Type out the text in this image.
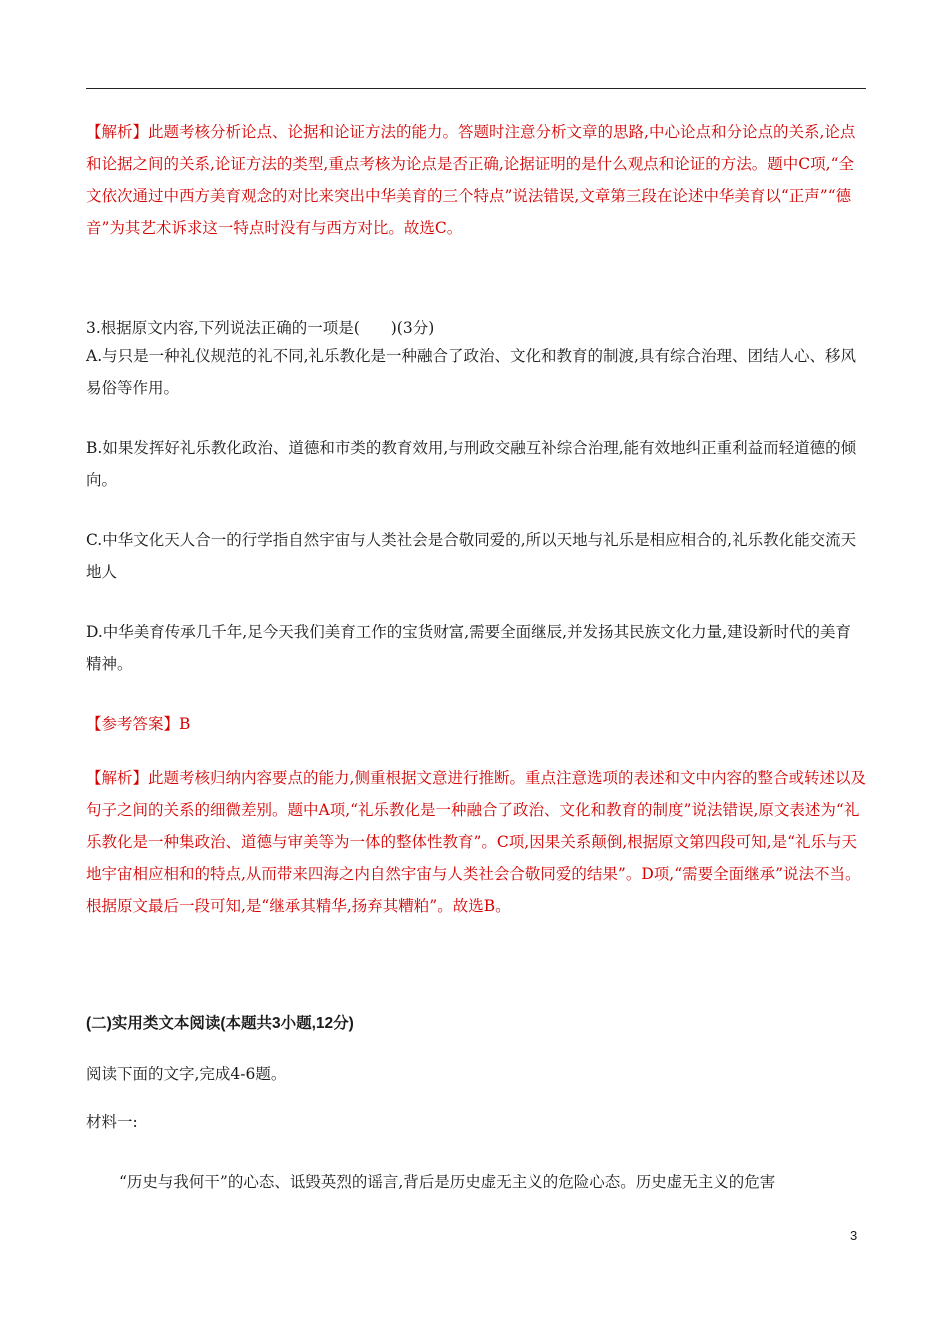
【解析】此题考核分析论点、论据和论证方法的能力。答题时注意分析文章的思路,中心论点和分论点的关系,论点和论据之间的关系,论证方法的类型,重点考核为论点是否正确,论据证明的是什么观点和论证的方法。题中C项,“全文依次通过中西方美育观念的对比来突出中华美育的三个特点”说法错误,文章第三段在论述中华美育以“正声”“德音”为其艺术诉求这一特点时没有与西方对比。故选C。
3.根据原文内容,下列说法正确的一项是(　　)(3分)
A.与只是一种礼仪规范的礼不同,礼乐教化是一种融合了政治、文化和教育的制渡,具有综合治理、团结人心、移风易俗等作用。
B.如果发挥好礼乐教化政治、道德和市类的教育效用,与刑政交融互补综合治理,能有效地纠正重利益而轻道德的倾向。
C.中华文化天人合一的行学指自然宇宙与人类社会是合敬同爱的,所以天地与礼乐是相应相合的,礼乐教化能交流天地人
D.中华美育传承几千年,足今天我们美育工作的宝货财富,需要全面继辰,并发扬其民族文化力量,建设新时代的美育精神。
【参考答案】B
【解析】此题考核归纳内容要点的能力,侧重根据文意进行推断。重点注意选项的表述和文中内容的整合或转述以及句子之间的关系的细微差别。题中A项,“礼乐教化是一种融合了政治、文化和教育的制度”说法错误,原文表述为“礼乐教化是一种集政治、道德与审美等为一体的整体性教育”。C项,因果关系颠倒,根据原文第四段可知,是“礼乐与天地宇宙相应相和的特点,从而带来四海之内自然宇宙与人类社会合敬同爱的结果”。D项,“需要全面继承”说法不当。根据原文最后一段可知,是“继承其精华,扬弃其糟粕”。故选B。
(二)实用类文本阅读(本题共3小题,12分)
阅读下面的文字,完成4-6题。
材料一:
“历史与我何干”的心态、诋毁英烈的谣言,背后是历史虚无主义的危险心态。历史虚无主义的危害
3
